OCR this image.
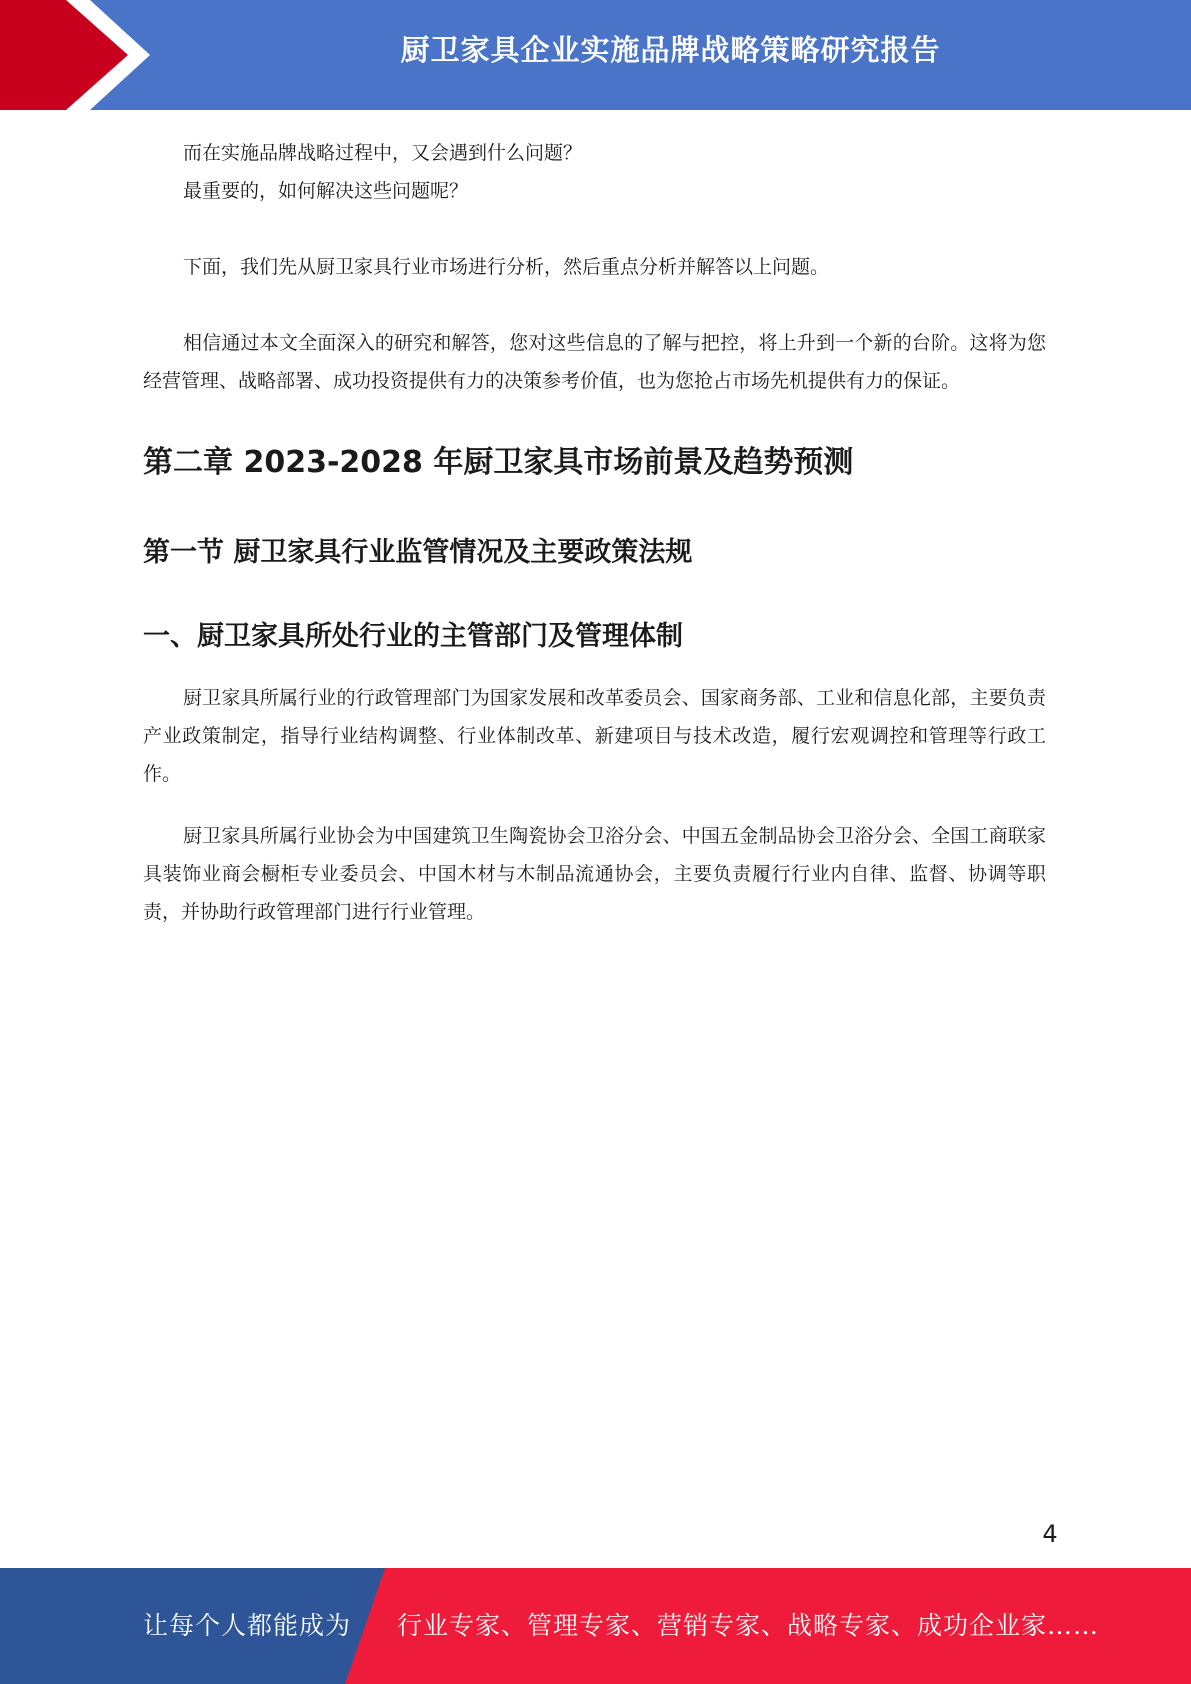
厨卫家具企业实施品牌战略策略研究报告

而在实施品牌战略过程中，又会遇到什么问题？

最重要的，如何解决这些问题呢？

下面，我们先从厨卫家具行业市场进行分析，然后重点分析并解答以上问题。

相信通过本文全面深入的研究和解答，您对这些信息的了解与把控，将上升到一个新的台阶。这将为您经营管理、战略部署、成功投资提供有力的决策参考价值，也为您抢占市场先机提供有力的保证。

第二章 2023-2028 年厨卫家具市场前景及趋势预测
第一节 厨卫家具行业监管情况及主要政策法规
一、厨卫家具所处行业的主管部门及管理体制

厨卫家具所属行业的行政管理部门为国家发展和改革委员会、国家商务部、工业和信息化部，主要负责产业政策制定，指导行业结构调整、行业体制改革、新建项目与技术改造，履行宏观调控和管理等行政工作。

厨卫家具所属行业协会为中国建筑卫生陶瓷协会卫浴分会、中国五金制品协会卫浴分会、全国工商联家具装饰业商会橱柜专业委员会、中国木材与木制品流通协会，主要负责履行行业内自律、监督、协调等职责，并协助行政管理部门进行行业管理。

4
让每个人都能成为 行业专家、管理专家、营销专家、战略专家、成功企业家……
